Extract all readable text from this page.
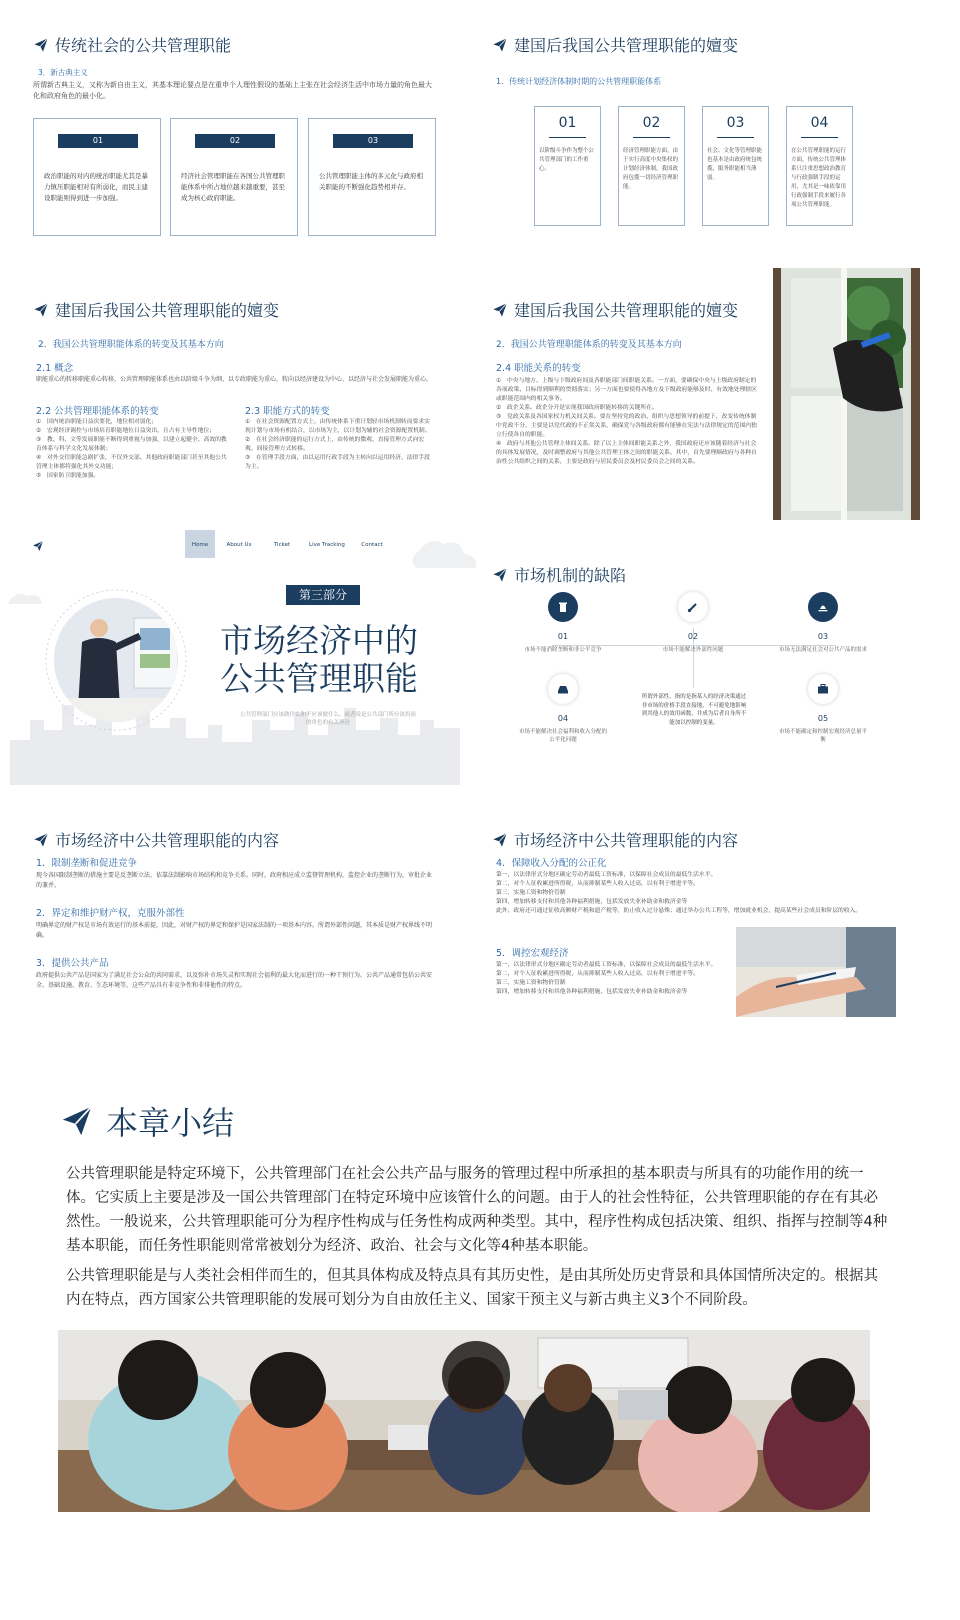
传统社会的公共管理职能
3．新古典主义
所谓新古典主义，又称为新自由主义，其基本理论要点是在重申个人理性假设的基础上主张在社会经济生活中市场力量的角色最大化和政府角色的最小化。
01
政治职能的对内的统治职能尤其是暴力镇压职能相对有所弱化，而民主建设职能则得到进一步加强。
02
经济社会管理职能在各国公共管理职能体系中所占地位越来越重要，甚至成为核心政府职能。
03
公共管理职能主体的多元化与政府相关职能的不断强化趋势相并存。
建国后我国公共管理职能的嬗变
1．传统计划经济体制时期的公共管理职能体系
01
以阶级斗争作为整个公共管理部门的工作重心。
02
经济管理职能方面，由于实行高度中央集权的计划经济体制，我国政府包揽一切经济管理职能。
03
社会、文化等管理职能也基本是由政府统包统揽，服务职能相当薄弱。
04
在公共管理职能的运行方面，传统公共管理体系只注重思想政治教育与行政强制手段的运用，尤其是一味依靠用行政强制手段来履行各项公共管理职能。
建国后我国公共管理职能的嬗变
2．我国公共管理职能体系的转变及其基本方向
2.1 概念
职能重心的转移职能重心转移，公共管理职能体系也由以阶级斗争为纲、以专政职能为重心，转向以经济建设为中心、以经济与社会发展职能为重心。
2.2 公共管理职能体系的转变
①　国内统治职能日益次要化，地位相对弱化；
②　宏观经济调控与市场培育职能地位日益突出，且占有主导性地位；
③　教、科、文等发展职能不断得到重视与加强，以建立起健全、高效的教育体系与科学文化发展体制；
④　对外交往职能急剧扩张，不仅外交部、其他政府职能部门甚至其他公共管理主体都将强化其外交功能；
⑤　国家防卫职能加强。
2.3 职能方式的转变
①　在社会资源配置方式上，由传统体系下重计划轻市场机制转而要求实现计划与市场有机结合，以市场为主，以计划为辅的社会资源配置机制。
②　在社会经济职能的运行方式上，由传统的微观、直接管理方式向宏观、间接管理方式转移。
③　在管理手段方面，由以运用行政手段为主转向以运用经济、法律手段为主。
建国后我国公共管理职能的嬗变
2．我国公共管理职能体系的转变及其基本方向
2.4 职能关系的转变
①　中央与地方、上级与下级政府间及各职能部门间职能关系。一方面，要确保中央与上级政府制定的各项政策、目标得到顺利的贯彻落实；另一方面也要使得各地方及下级政府能够及时、有效地处理辖区或职能范围内的相关事务。
②　政企关系。政企分开是实现我国政府职能转移的关键所在。
③　党政关系及各国家权力机关间关系。要在坚持党的政治、组织与思想领导的前提下，改变传统体制中党政不分、主要是以党代政的不正常关系，确保党与各级政府都有能够在宪法与法律规定的范围内独立行使各自的职能。
④　政府与其他公共管理主体间关系。除了以上主体间职能关系之外，我国政府还应该随着经济与社会的具体发展情况，及时调整政府与其他公共管理主体之间的职能关系。其中，首先要理顺政府与各种自治性公共组织之间的关系，主要是政府与居民委员会及村民委员会之间的关系。
Home	About Us	Ticket	Live Tracking	Contact
第三部分
市场经济中的
公共管理职能
公共管理部门应该做什么和不应该做什么，或者说是公共部门所应该扮演的角色的有关理论
市场机制的缺陷
01
市场不能消除垄断和非公平竞争
02
市场不能解决外部性问题
03
市场无法满足社会对公共产品的需求
04
市场不能解决社会福利和收入分配的公平化问题
所谓外部性，指的是指某人的经济决策通过非市场的价格手段直接地、不可避免地影响到其他人的效用函数，并成为后者自身所不能加以控制的变量。	05
市场不能确定和控制宏观经济总量平衡
市场经济中公共管理职能的内容
1．限制垄断和促进竞争
现今各国限制垄断的措施主要是反垄断立法，依靠法制影响市场结构和竞争关系。同时，政府相应成立监督管理机构，监控企业的垄断行为，审批企业的兼并。
2．界定和维护财产权，克服外部性
明确界定的财产权是市场有效运行的基本前提，因此，对财产权的界定和保护是国家法制的一项基本内容。所谓外部性问题，其本质是财产权界线不明确。
3．提供公共产品
政府提供公共产品是国家为了满足社会公众的共同需求，以及弥补市场失灵和实现社会福利的最大化而进行的一种干预行为。公共产品通常包括公共安全、基础设施、教育、生态环境等，这些产品具有非竞争性和非排他性的特点。
市场经济中公共管理职能的内容
4．保障收入分配的公正化
第一，以法律形式分地区确定劳动者最低工资标准，以保障社会成员的最低生活水平。
第二，对个人征收累进所得税，从而抑制某些人收入过高，以有利于增进平等。
第三，实施工资和物价管制
第四，增加转移支付和其他各种福利措施，包括发放失业补助金和救济金等
此外，政府还可通过征收高额财产税和遗产税等，防止收入过分悬殊；通过举办公共工程等，增加就业机会，提高某些社会成员和阶层的收入。
5．调控宏观经济
第一，以法律形式分地区确定劳动者最低工资标准，以保障社会成员的最低生活水平。
第二，对个人征收累进所得税，从而抑制某些人收入过高，以有利于增进平等。
第三，实施工资和物价管制
第四，增加转移支付和其他各种福利措施，包括发放失业补助金和救济金等
本章小结
公共管理职能是特定环境下，公共管理部门在社会公共产品与服务的管理过程中所承担的基本职责与所具有的功能作用的统一体。它实质上主要是涉及一国公共管理部门在特定环境中应该管什么的问题。由于人的社会性特征，公共管理职能的存在有其必然性。一般说来，公共管理职能可分为程序性构成与任务性构成两种类型。其中，程序性构成包括决策、组织、指挥与控制等4种基本职能，而任务性职能则常常被划分为经济、政治、社会与文化等4种基本职能。
公共管理职能是与人类社会相伴而生的，但其具体构成及特点具有其历史性，是由其所处历史背景和具体国情所决定的。根据其内在特点，西方国家公共管理职能的发展可划分为自由放任主义、国家干预主义与新古典主义3个不同阶段。
